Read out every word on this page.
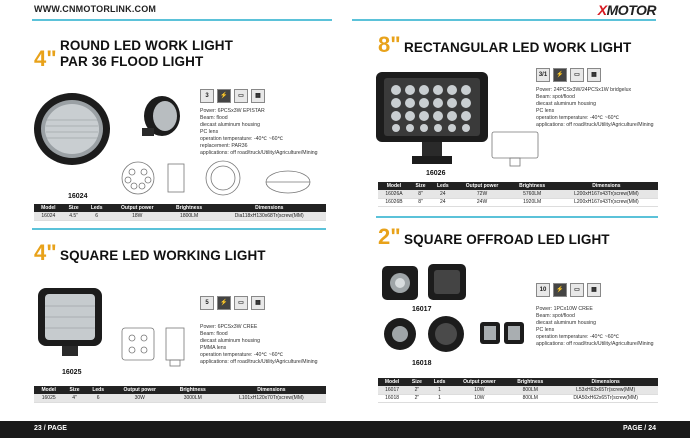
WWW.CNMOTORLINK.COM	XMOTOR
4"
ROUND LED WORK LIGHT
PAR 36 FLOOD LIGHT
3	⚡	▭	▦
Power: 6PCSx3W EPISTAR
Beam: flood
diecast aluminum housing
PC lens
operation temperature: -40℃ ~60℃
replacement: PAR36
applications: off road/truck/Utility/Agriculture/Mining
16024
Model	Size	Leds	Output power	Brightness	Dimensions
16024	4.5"	6	18W	1800LM	Dia118xH130x68Tr(screw(MM)
4" SQUARE LED WORKING LIGHT
16025
5	⚡	▭	▦
Power: 6PCSx3W CREE
Beam: flood
diecast aluminum housing
PMMA lens
operation temperature: -40℃ ~60℃
applications: off road/truck/Utility/Agriculture/Mining
Model	Size	Leds	Output power	Brightness	Dimensions
16025	4"	6	30W	3000LM	L101xH120x70Tr(screw(MM)
8" RECTANGULAR LED WORK LIGHT
16026
3/1	⚡	▭	▦
Power: 24PCSx3W/24PCSx1W bridgelux
Beam: spot/flood
diecast aluminum housing
PC lens
operation temperature: -40℃ ~60℃
applications: off road/truck/Utility/Agriculture/Mining
Model	Size	Leds	Output power	Brightness	Dimensions
16026A	8"	24	72W	5760LM	L200xH167x43Tr(screw(MM)
16026B	8"	24	24W	1920LM	L200xH167x43Tr(screw(MM)
2" SQUARE OFFROAD LED LIGHT
16017
16018
10	⚡	▭	▦
Power: 1PCx10W CREE
Beam: spot/flood
diecast aluminum housing
PC lens
operation temperature: -40℃ ~60℃
applications: off road/truck/Utility/Agriculture/Mining
Model	Size	Leds	Output power	Brightness	Dimensions
16017	2"	1	10W	800LM	L53xH63x65Tr(screw(MM)
16018	2"	1	10W	800LM	DIA50xH62x65Tr(screw(MM)
23 / PAGE	PAGE / 24
